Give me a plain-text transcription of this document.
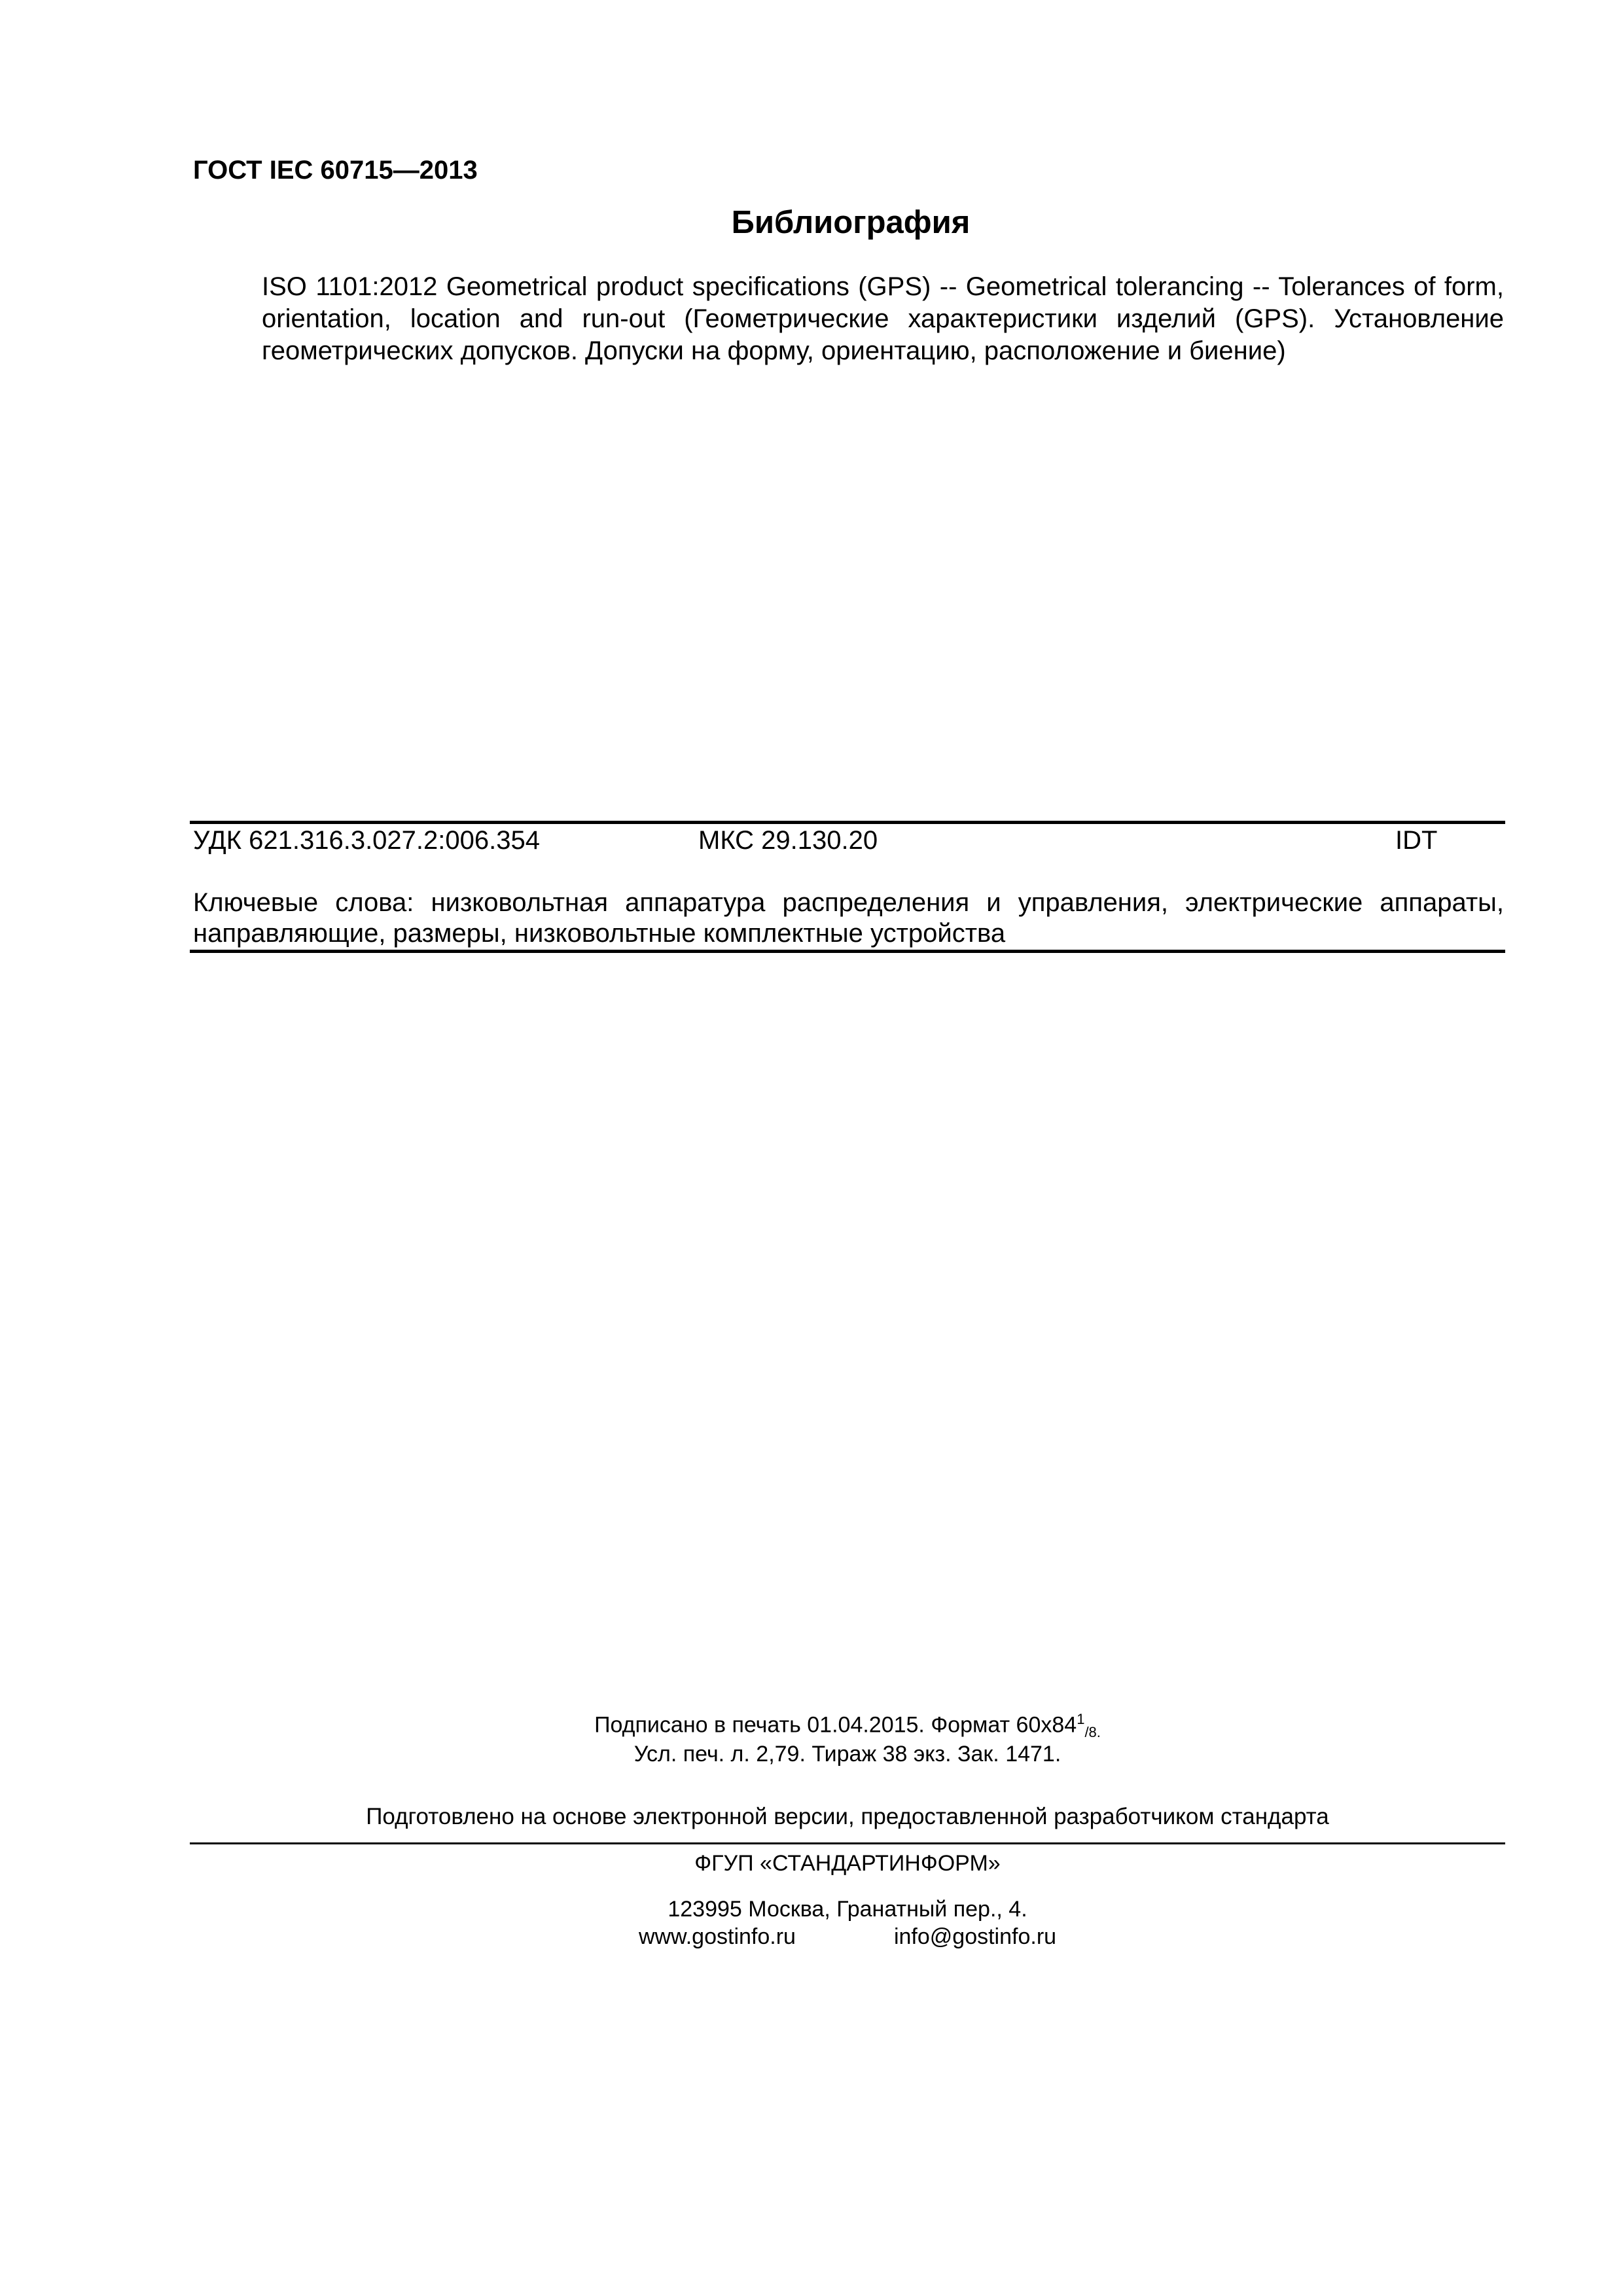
ГОСТ IEC 60715—2013
Библиография
ISO 1101:2012 Geometrical product specifications (GPS) -- Geometrical tolerancing -- Tolerances of form, orientation, location and run-out (Геометрические характеристики изделий (GPS). Установление геометрических допусков. Допуски на форму, ориентацию, расположение и биение)
УДК 621.316.3.027.2:006.354	МКС 29.130.20	IDT
Ключевые слова: низковольтная аппаратура распределения и управления, электрические аппараты, направляющие, размеры, низковольтные комплектные устройства
Подписано в печать 01.04.2015. Формат $60x84^1_{/8.}$
Усл. печ. л. 2,79. Тираж 38 экз. Зак. 1471.
Подготовлено на основе электронной версии, предоставленной разработчиком стандарта
ФГУП «СТАНДАРТИНФОРМ»
123995 Москва, Гранатный пер., 4.
www.gostinfo.ru	info@gostinfo.ru
